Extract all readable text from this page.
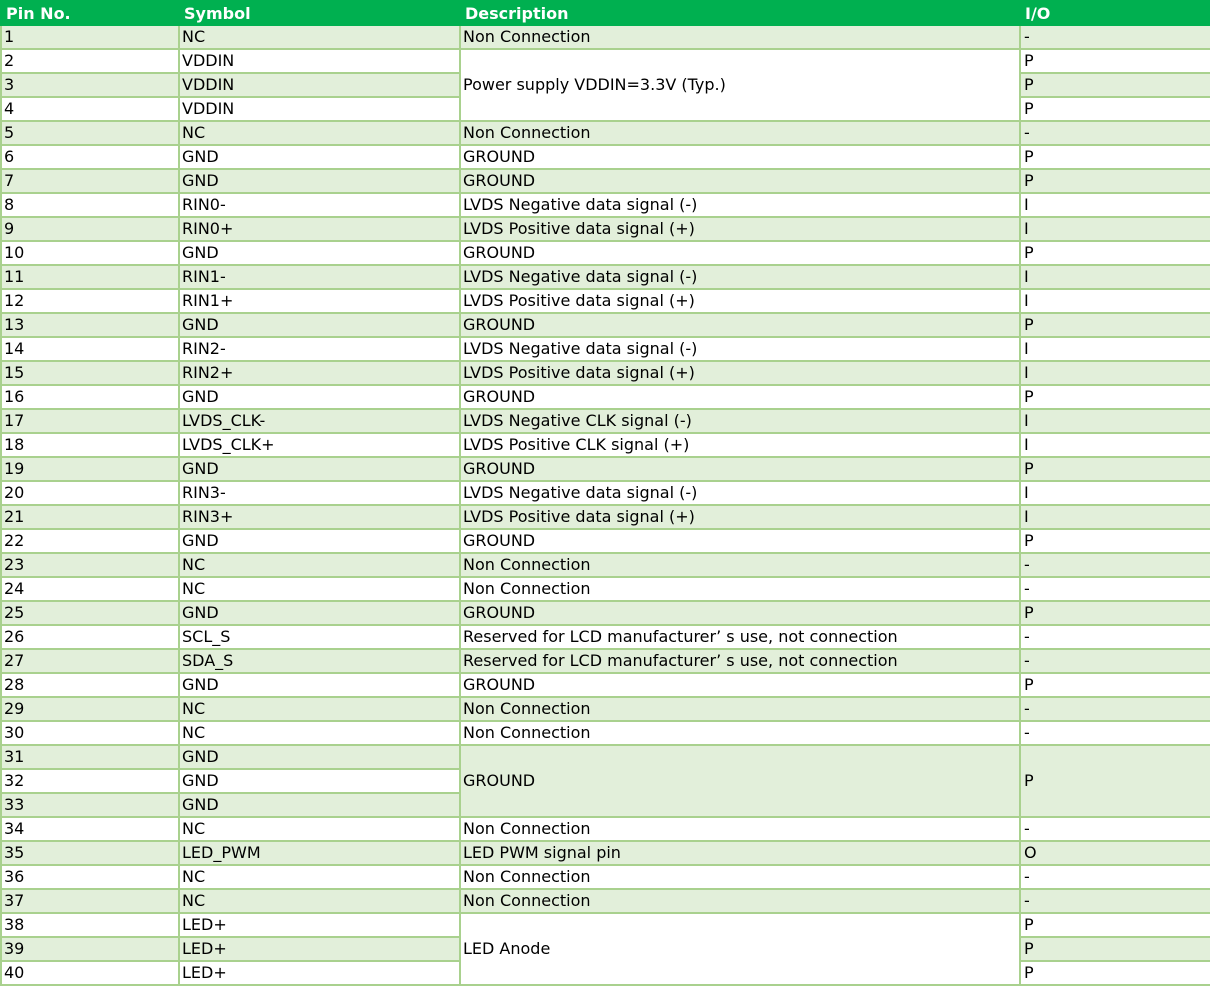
Pin No.	Symbol	Description	I/O
1	NC	Non Connection	-
2	VDDIN	Power supply VDDIN=3.3V (Typ.)	P
3	VDDIN		P
4	VDDIN		P
5	NC	Non Connection	-
6	GND	GROUND	P
7	GND	GROUND	P
8	RIN0-	LVDS Negative data signal (-)	I
9	RIN0+	LVDS Positive data signal (+)	I
10	GND	GROUND	P
11	RIN1-	LVDS Negative data signal (-)	I
12	RIN1+	LVDS Positive data signal (+)	I
13	GND	GROUND	P
14	RIN2-	LVDS Negative data signal (-)	I
15	RIN2+	LVDS Positive data signal (+)	I
16	GND	GROUND	P
17	LVDS_CLK-	LVDS Negative CLK signal (-)	I
18	LVDS_CLK+	LVDS Positive CLK signal (+)	I
19	GND	GROUND	P
20	RIN3-	LVDS Negative data signal (-)	I
21	RIN3+	LVDS Positive data signal (+)	I
22	GND	GROUND	P
23	NC	Non Connection	-
24	NC	Non Connection	-
25	GND	GROUND	P
26	SCL_S	Reserved for LCD manufacturer’ s use, not connection	-
27	SDA_S	Reserved for LCD manufacturer’ s use, not connection	-
28	GND	GROUND	P
29	NC	Non Connection	-
30	NC	Non Connection	-
31	GND	GROUND	P
32	GND		
33	GND		
34	NC	Non Connection	-
35	LED_PWM	LED PWM signal pin	O
36	NC	Non Connection	-
37	NC	Non Connection	-
38	LED+	LED Anode	P
39	LED+		P
40	LED+		P
